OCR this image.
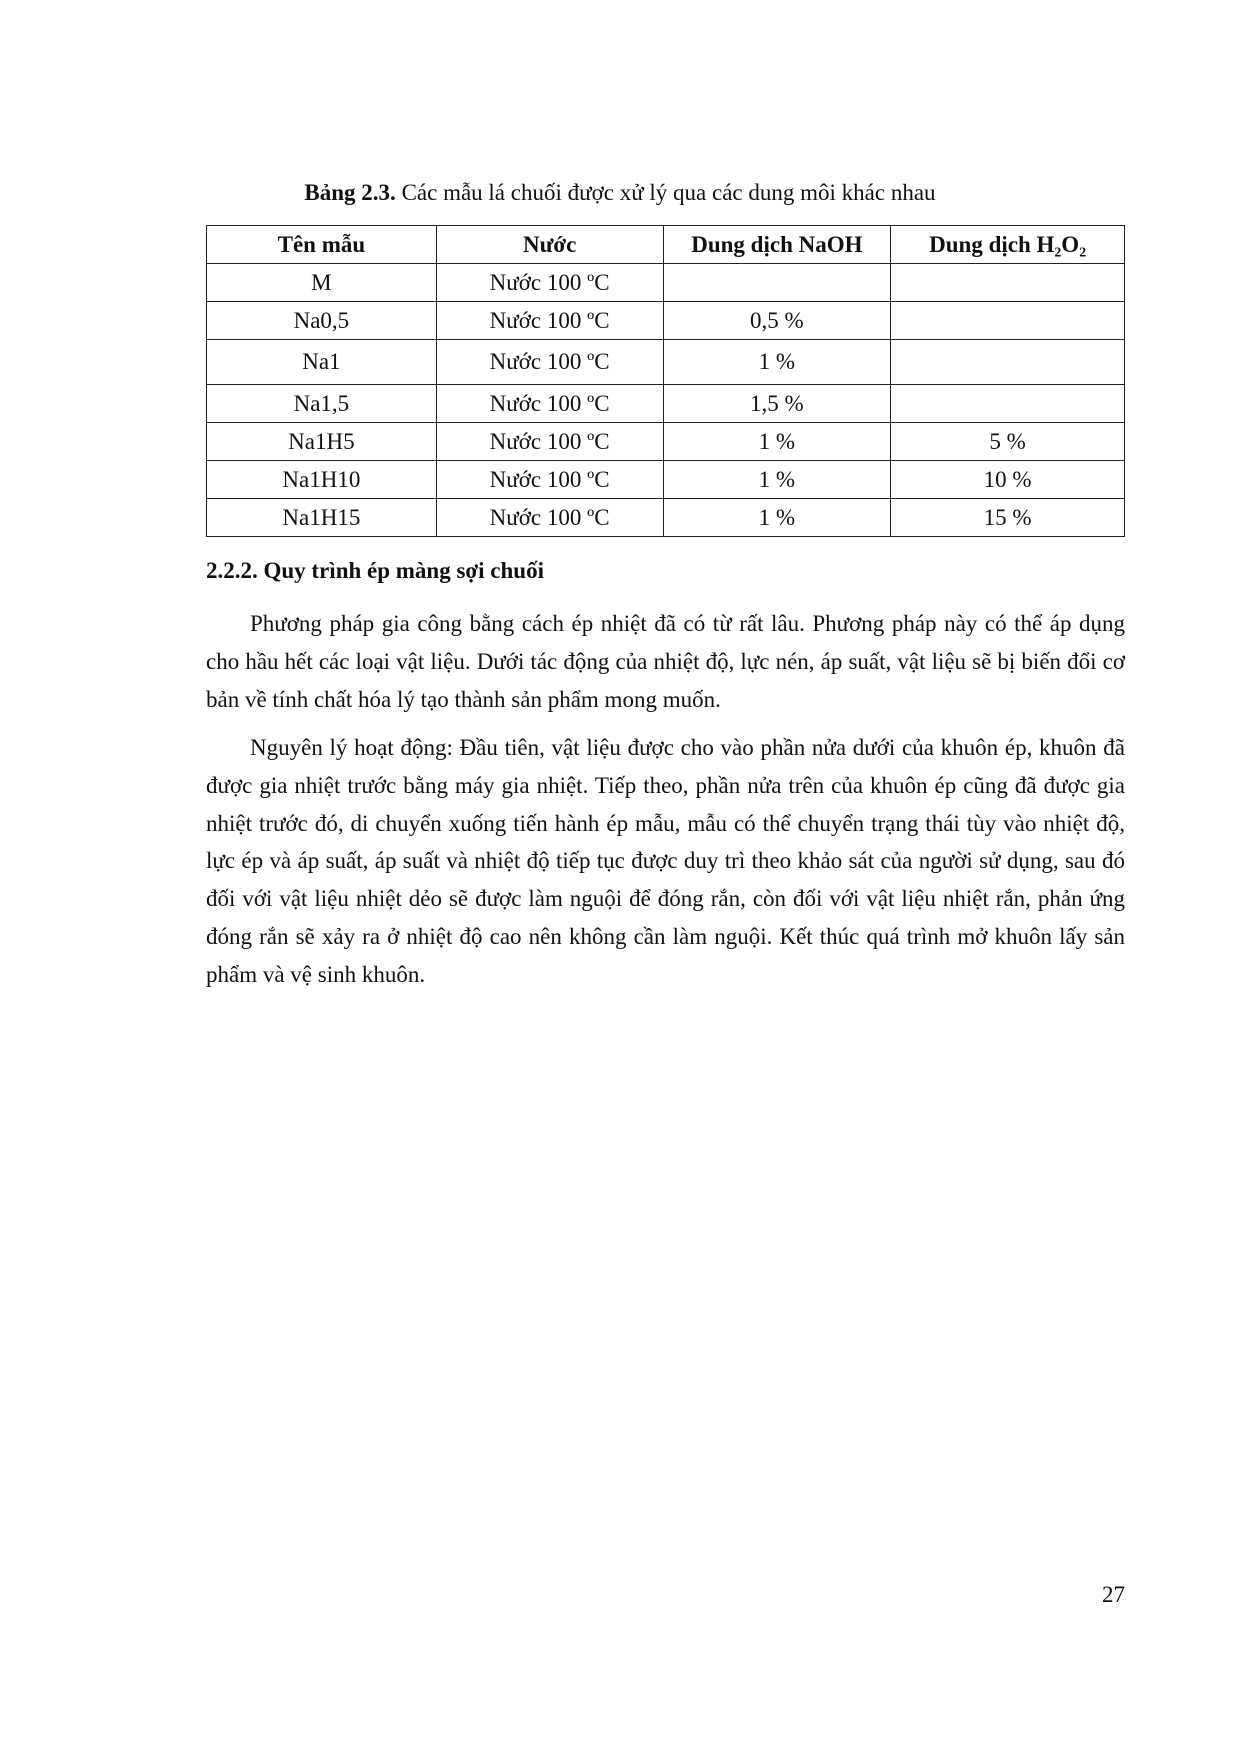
Bảng 2.3. Các mẫu lá chuối được xử lý qua các dung môi khác nhau
Tên mẫu	Nước	Dung dịch NaOH	Dung dịch H₂O₂
M	Nước 100 ºC		
Na0,5	Nước 100 ºC	0,5 %	
Na1	Nước 100 ºC	1 %	
Na1,5	Nước 100 ºC	1,5 %	
Na1H5	Nước 100 ºC	1 %	5 %
Na1H10	Nước 100 ºC	1 %	10 %
Na1H15	Nước 100 ºC	1 %	15 %
2.2.2. Quy trình ép màng sợi chuối

Phương pháp gia công bằng cách ép nhiệt đã có từ rất lâu. Phương pháp này có thể áp dụng cho hầu hết các loại vật liệu. Dưới tác động của nhiệt độ, lực nén, áp suất, vật liệu sẽ bị biến đổi cơ bản về tính chất hóa lý tạo thành sản phẩm mong muốn.

Nguyên lý hoạt động: Đầu tiên, vật liệu được cho vào phần nửa dưới của khuôn ép, khuôn đã được gia nhiệt trước bằng máy gia nhiệt. Tiếp theo, phần nửa trên của khuôn ép cũng đã được gia nhiệt trước đó, di chuyển xuống tiến hành ép mẫu, mẫu có thể chuyển trạng thái tùy vào nhiệt độ, lực ép và áp suất, áp suất và nhiệt độ tiếp tục được duy trì theo khảo sát của người sử dụng, sau đó đối với vật liệu nhiệt dẻo sẽ được làm nguội để đóng rắn, còn đối với vật liệu nhiệt rắn, phản ứng đóng rắn sẽ xảy ra ở nhiệt độ cao nên không cần làm nguội. Kết thúc quá trình mở khuôn lấy sản phẩm và vệ sinh khuôn.

27
